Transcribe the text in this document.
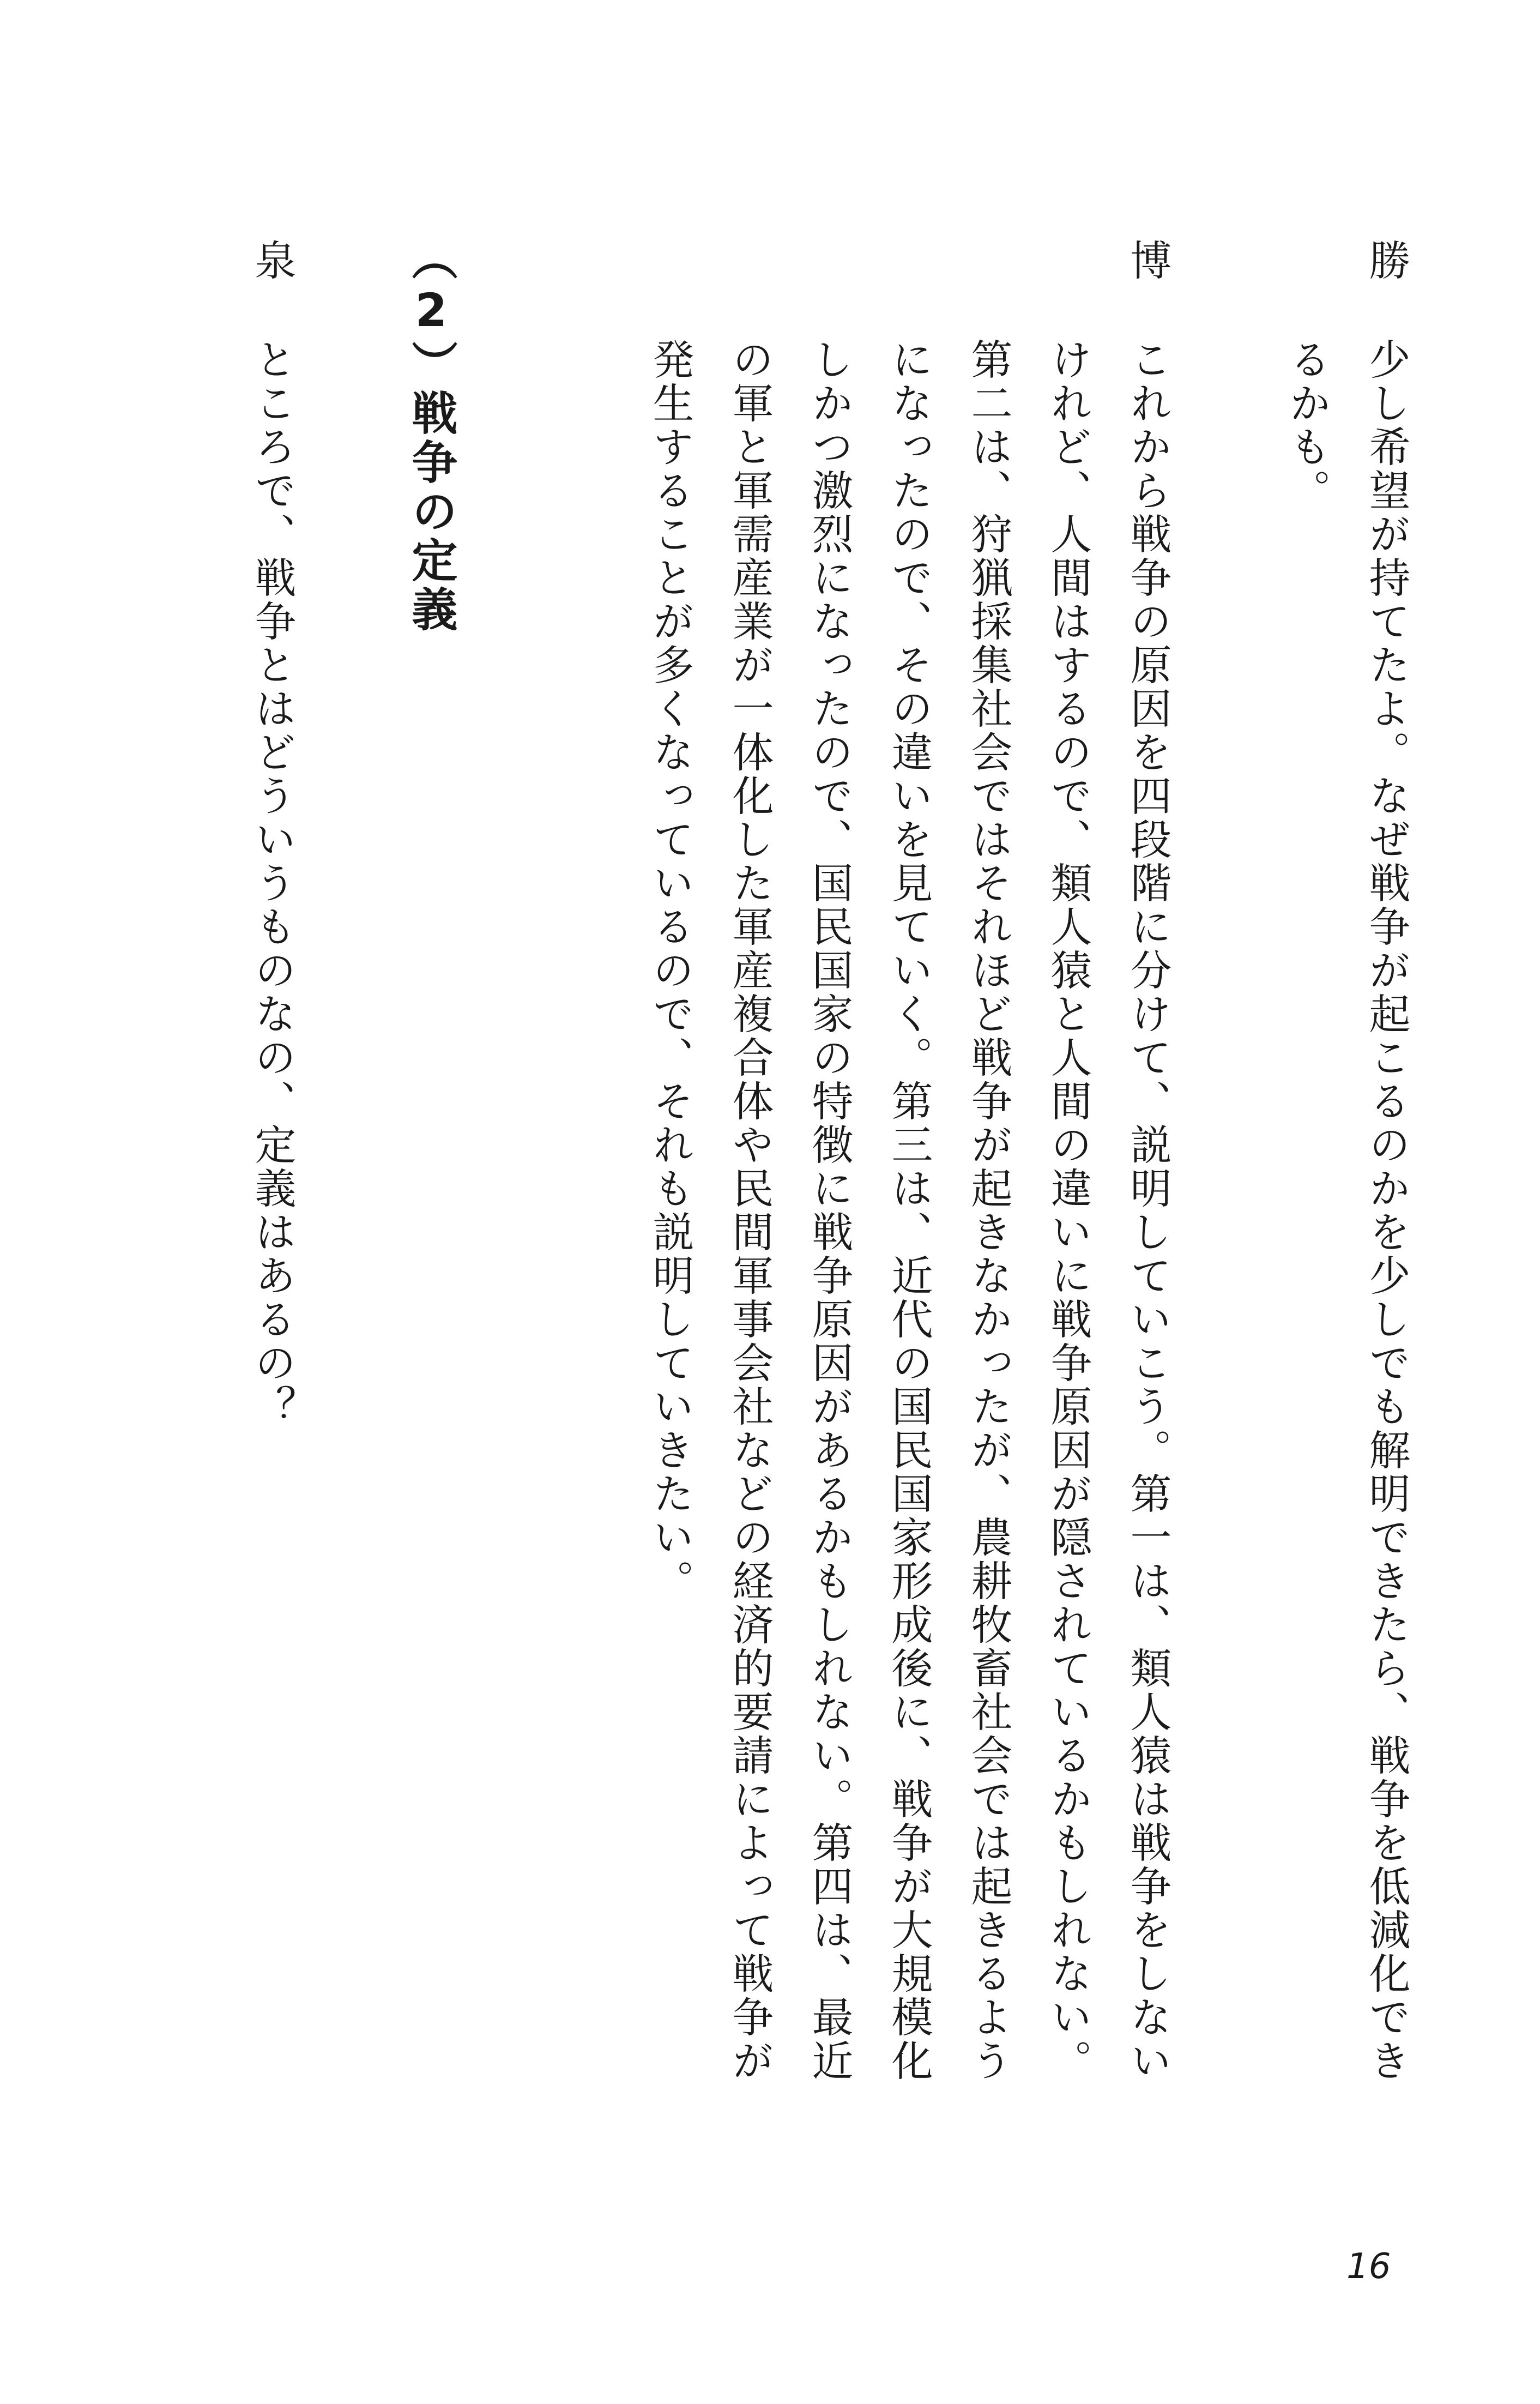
勝
少し希望が持てたよ。なぜ戦争が起こるのかを少しでも解明できたら、戦争を低減化でき
るかも。
博
これから戦争の原因を四段階に分けて、説明していこう。第一は、類人猿は戦争をしない
けれど、人間はするので、類人猿と人間の違いに戦争原因が隠されているかもしれない。
第二は、狩猟採集社会ではそれほど戦争が起きなかったが、農耕牧畜社会では起きるよう
になったので、その違いを見ていく。第三は、近代の国民国家形成後に、戦争が大規模化
しかつ激烈になったので、国民国家の特徴に戦争原因があるかもしれない。第四は、最近
の軍と軍需産業が一体化した軍産複合体や民間軍事会社などの経済的要請によって戦争が
発生することが多くなっているので、それも説明していきたい。
（2）戦争の定義
泉
ところで、戦争とはどういうものなの、定義はあるの？
16
